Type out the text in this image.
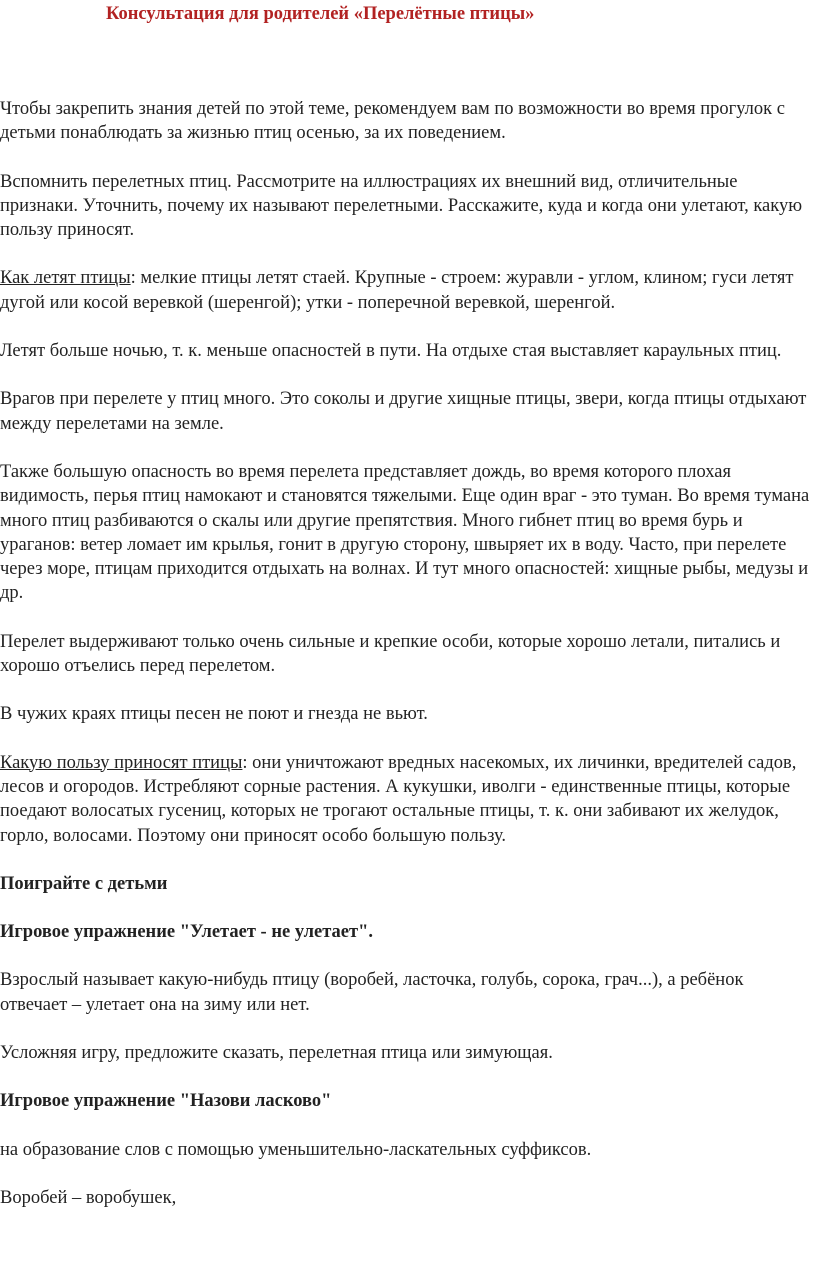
Консультация для родителей «Перелётные птицы»

Чтобы закрепить знания детей по этой теме, рекомендуем вам по возможности во время прогулок с детьми понаблюдать за жизнью птиц осенью, за их поведением.

Вспомнить перелетных птиц. Рассмотрите на иллюстрациях их внешний вид, отличительные признаки. Уточнить, почему их называют перелетными. Расскажите, куда и когда они улетают, какую пользу приносят.

Как летят птицы: мелкие птицы летят стаей. Крупные - строем: журавли - углом, клином; гуси летят дугой или косой веревкой (шеренгой); утки - поперечной веревкой, шеренгой.

Летят больше ночью, т. к. меньше опасностей в пути. На отдыхе стая выставляет караульных птиц.

Врагов при перелете у птиц много. Это соколы и другие хищные птицы, звери, когда птицы отдыхают между перелетами на земле.

Также большую опасность во время перелета представляет дождь, во время которого плохая видимость, перья птиц намокают и становятся тяжелыми. Еще один враг - это туман. Во время тумана много птиц разбиваются о скалы или другие препятствия. Много гибнет птиц во время бурь и ураганов: ветер ломает им крылья, гонит в другую сторону, швыряет их в воду. Часто, при перелете через море, птицам приходится отдыхать на волнах. И тут много опасностей: хищные рыбы, медузы и др.

Перелет выдерживают только очень сильные и крепкие особи, которые хорошо летали, питались и хорошо отъелись перед перелетом.

В чужих краях птицы песен не поют и гнезда не вьют.

Какую пользу приносят птицы: они уничтожают вредных насекомых, их личинки, вредителей садов, лесов и огородов. Истребляют сорные растения. А кукушки, иволги - единственные птицы, которые поедают волосатых гусениц, которых не трогают остальные птицы, т. к. они забивают их желудок, горло, волосами. Поэтому они приносят особо большую пользу.

Поиграйте с детьми

Игровое упражнение "Улетает - не улетает".

Взрослый называет какую-нибудь птицу (воробей, ласточка, голубь, сорока, грач...), а ребёнок отвечает – улетает она на зиму или нет.

Усложняя игру, предложите сказать, перелетная птица или зимующая.

Игровое упражнение "Назови ласково"

на образование слов с помощью уменьшительно-ласкательных суффиксов.

Воробей – воробушек,
